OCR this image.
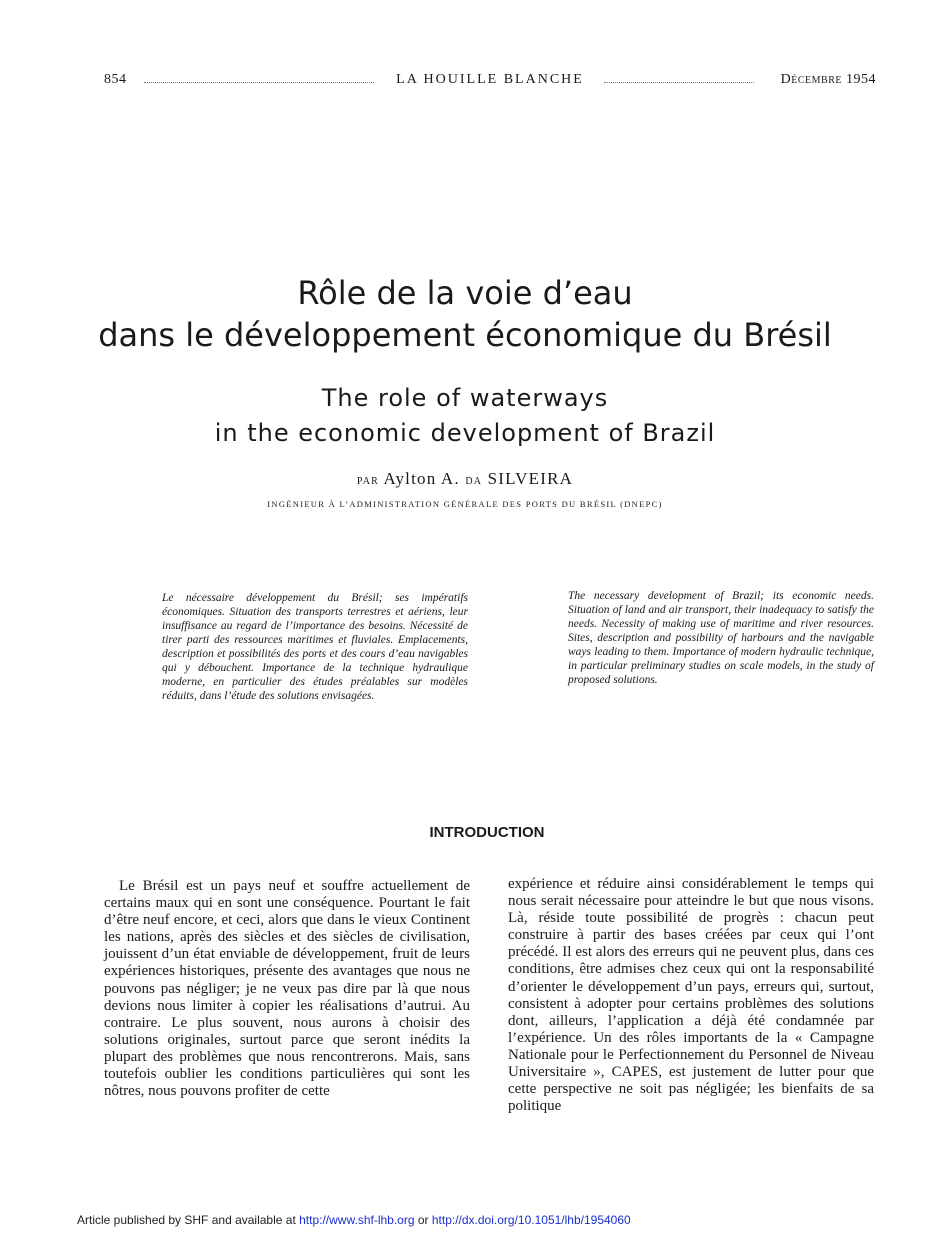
854	LA HOUILLE BLANCHE	Décembre 1954
Rôle de la voie d’eau
dans le développement économique du Brésil
The role of waterways
in the economic development of Brazil
par Aylton A. da SILVEIRA
INGÉNIEUR À L’ADMINISTRATION GÉNÉRALE DES PORTS DU BRÉSIL (DNEPC)
Le nécessaire développement du Brésil; ses impératifs économiques. Situation des transports terrestres et aériens, leur insuffisance au regard de l’importance des besoins. Nécessité de tirer parti des ressources maritimes et fluviales. Emplacements, description et possibilités des ports et des cours d’eau navigables qui y débouchent. Importance de la technique hydraulique moderne, en particulier des études préalables sur modèles réduits, dans l’étude des solutions envisagées.
The necessary development of Brazil; its economic needs. Situation of land and air transport, their inadequacy to satisfy the needs. Necessity of making use of maritime and river resources. Sites, description and possibility of harbours and the navigable ways leading to them. Importance of modern hydraulic technique, in particular preliminary studies on scale models, in the study of proposed solutions.
INTRODUCTION
Le Brésil est un pays neuf et souffre actuellement de certains maux qui en sont une conséquence. Pourtant le fait d’être neuf encore, et ceci, alors que dans le vieux Continent les nations, après des siècles et des siècles de civilisation, jouissent d’un état enviable de développement, fruit de leurs expériences historiques, présente des avantages que nous ne pouvons pas négliger; je ne veux pas dire par là que nous devions nous limiter à copier les réalisations d’autrui. Au contraire. Le plus souvent, nous aurons à choisir des solutions originales, surtout parce que seront inédits la plupart des problèmes que nous rencontrerons. Mais, sans toutefois oublier les conditions particulières qui sont les nôtres, nous pouvons profiter de cette
expérience et réduire ainsi considérablement le temps qui nous serait nécessaire pour atteindre le but que nous visons. Là, réside toute possibilité de progrès : chacun peut construire à partir des bases créées par ceux qui l’ont précédé. Il est alors des erreurs qui ne peuvent plus, dans ces conditions, être admises chez ceux qui ont la responsabilité d’orienter le développement d’un pays, erreurs qui, surtout, consistent à adopter pour certains problèmes des solutions dont, ailleurs, l’application a déjà été condamnée par l’expérience. Un des rôles importants de la « Campagne Nationale pour le Perfectionnement du Personnel de Niveau Universitaire », CAPES, est justement de lutter pour que cette perspective ne soit pas négligée; les bienfaits de sa politique
Article published by SHF and available at http://www.shf-lhb.org or http://dx.doi.org/10.1051/lhb/1954060
